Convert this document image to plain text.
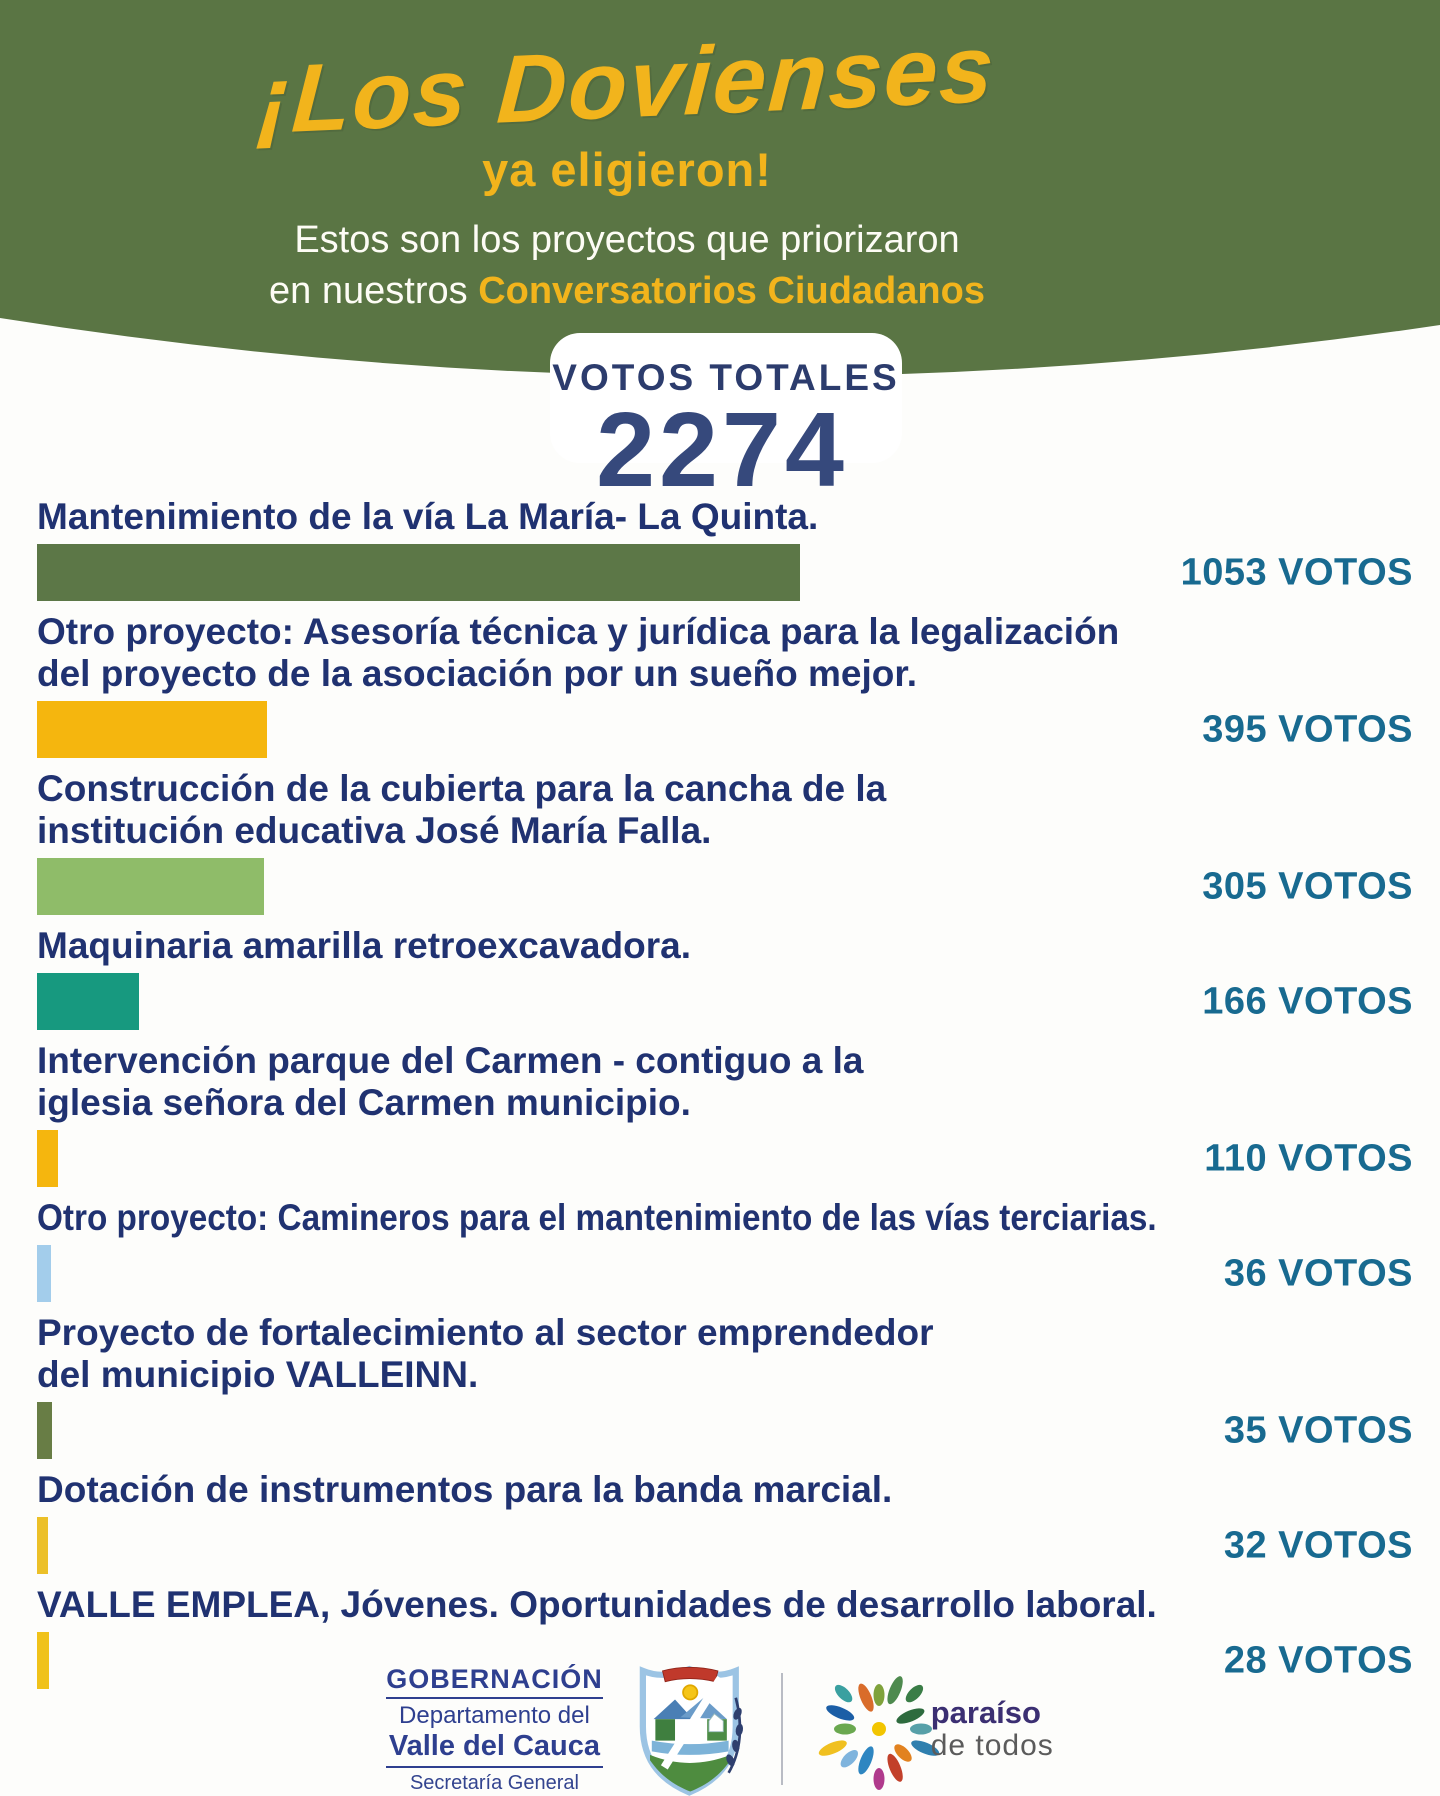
¡Los Dovienses
ya eligieron!
Estos son los proyectos que priorizaron
en nuestros Conversatorios Ciudadanos
VOTOS TOTALES
2274
Mantenimiento de la vía La María- La Quinta.
1053 VOTOS
Otro proyecto: Asesoría técnica y jurídica para la legalización
del proyecto de la asociación por un sueño mejor.
395 VOTOS
Construcción de la cubierta para la cancha de la
institución educativa José María Falla.
305 VOTOS
Maquinaria amarilla retroexcavadora.
166 VOTOS
Intervención parque del Carmen - contiguo a la
iglesia señora del Carmen municipio.
110 VOTOS
Otro proyecto: Camineros para el mantenimiento de las vías terciarias.
36 VOTOS
Proyecto de fortalecimiento al sector emprendedor
del municipio VALLEINN.
35 VOTOS
Dotación de instrumentos para la banda marcial.
32 VOTOS
VALLE EMPLEA, Jóvenes. Oportunidades de desarrollo laboral.
28 VOTOS
GOBERNACIÓN
Departamento del
Valle del Cauca
Secretaría General
paraíso
de todos
